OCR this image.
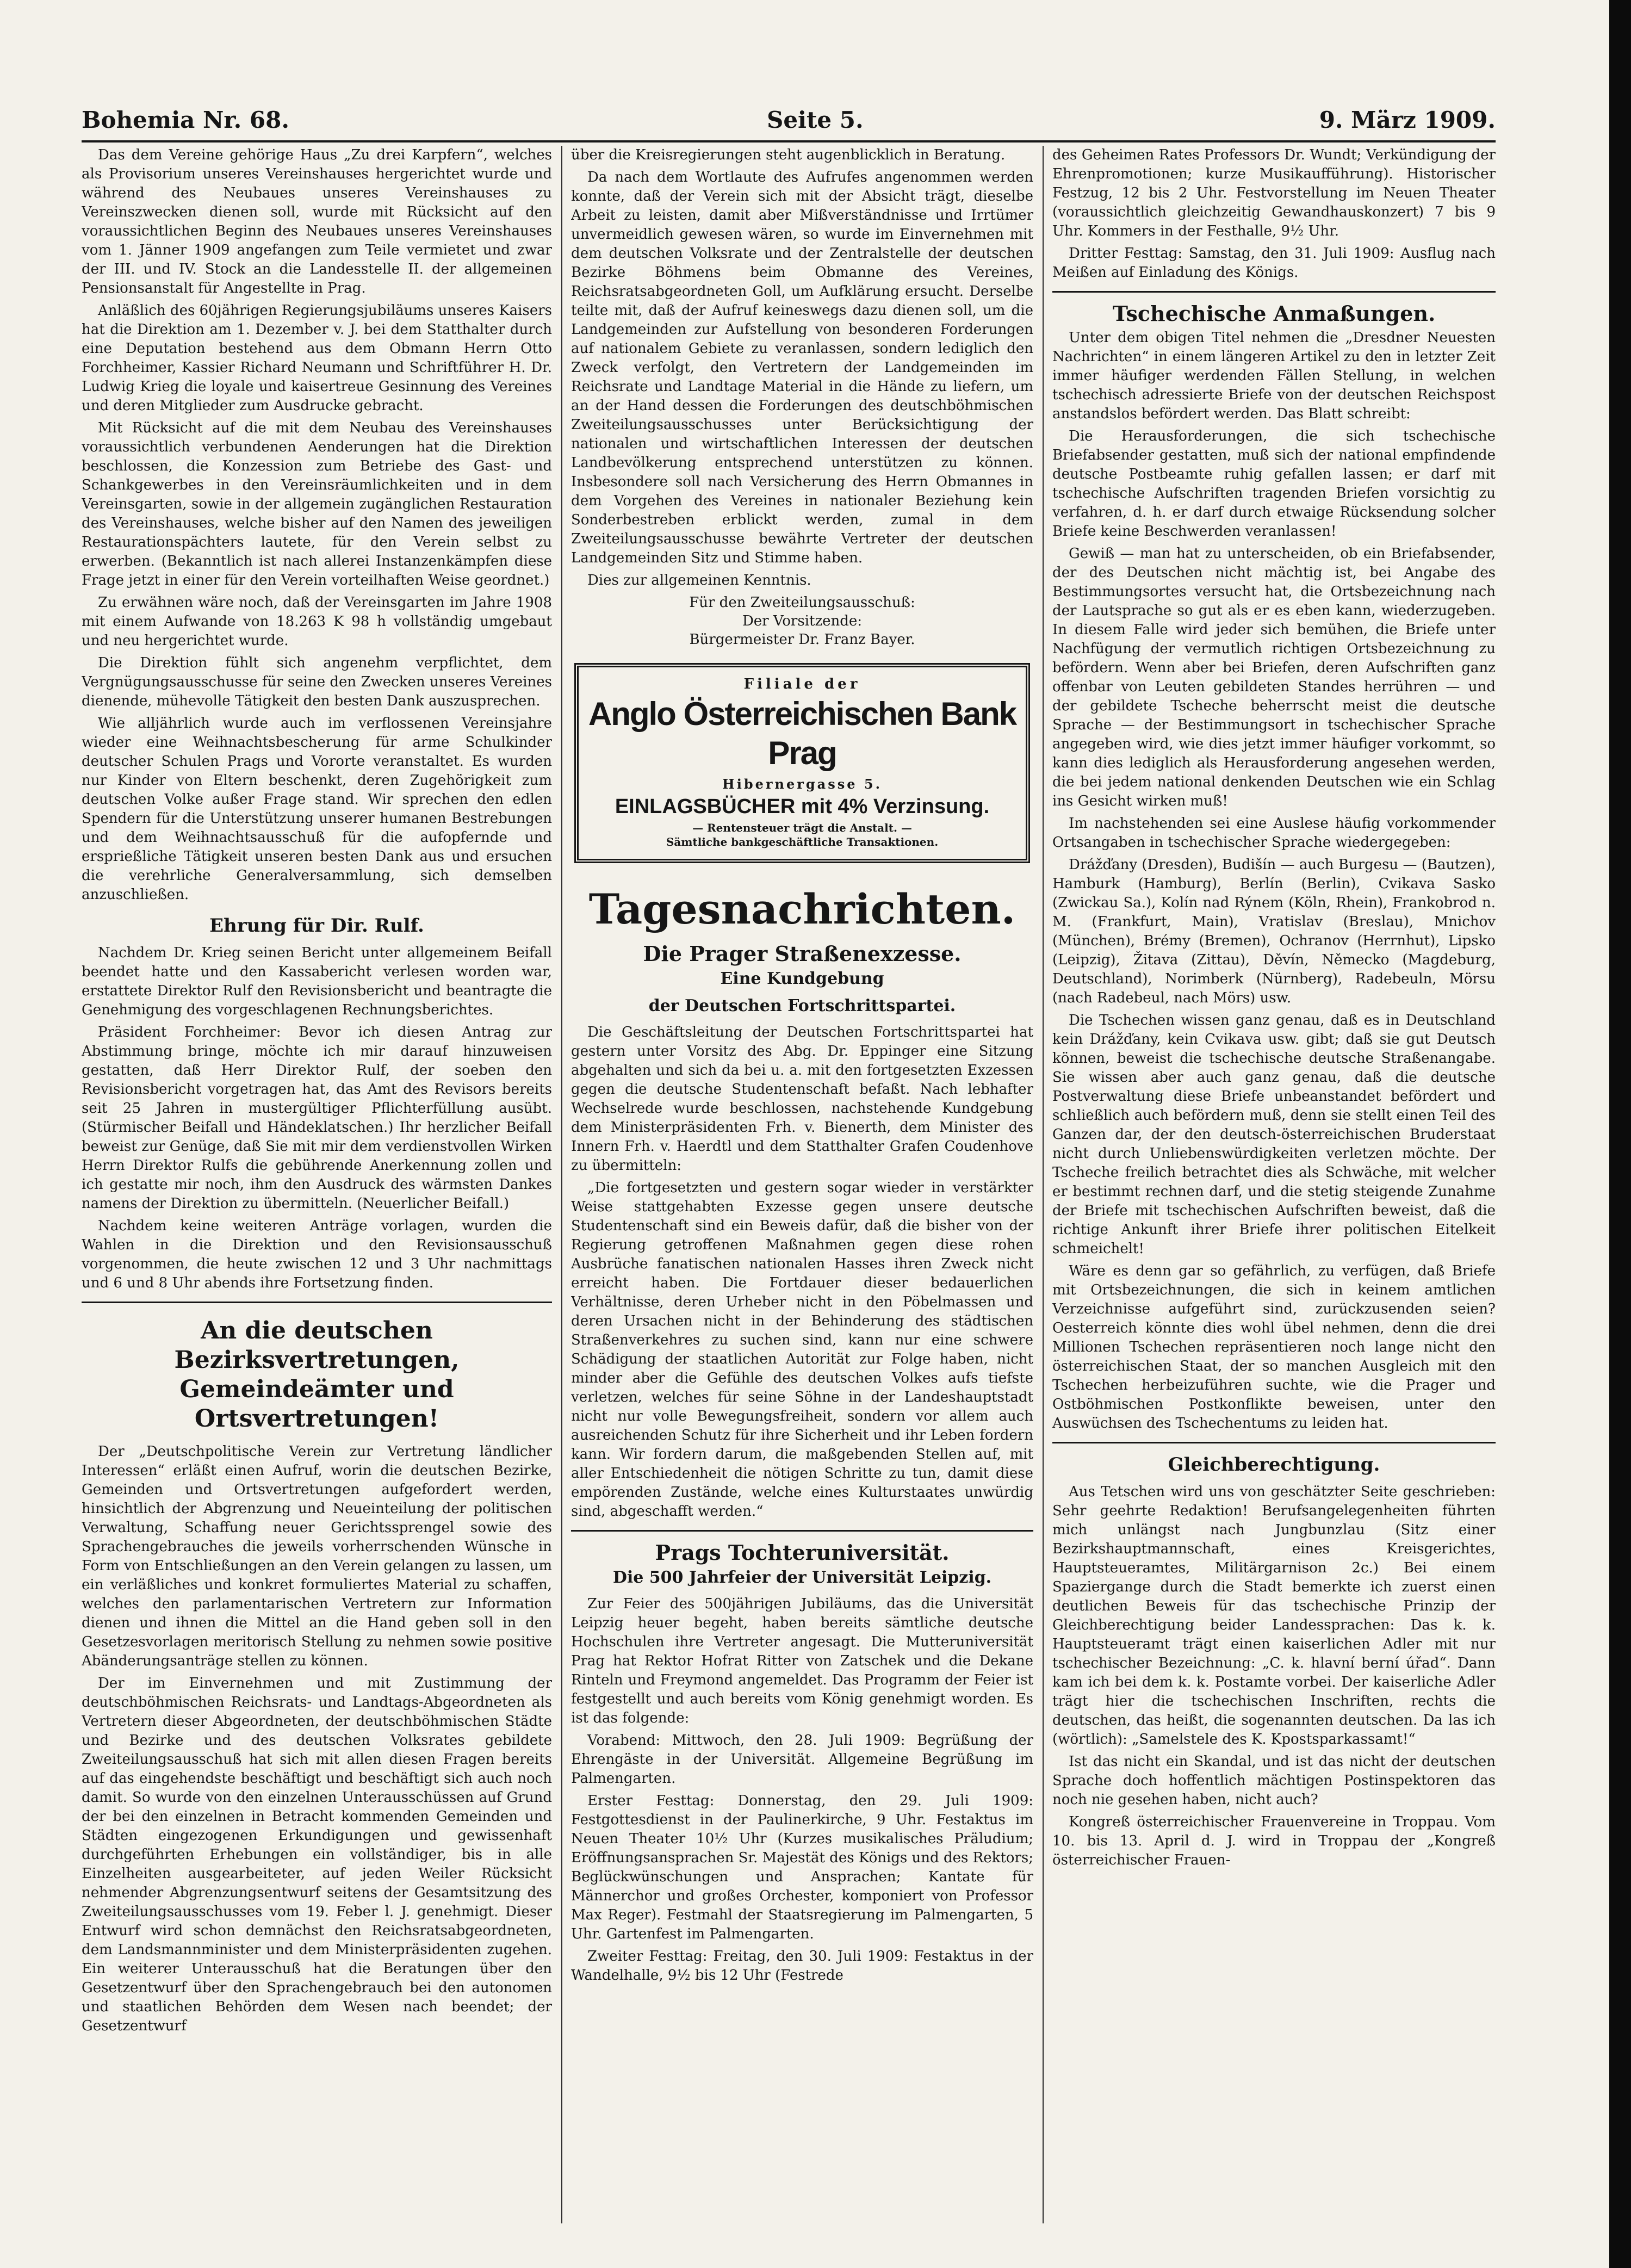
Bohemia Nr. 68.	Seite 5.	9. März 1909.

Das dem Vereine gehörige Haus „Zu drei Karpfern“, welches als Provisorium unseres Vereinshauses hergerichtet wurde und während des Neubaues unseres Vereinshauses zu Vereinszwecken dienen soll, wurde mit Rücksicht auf den voraussichtlichen Beginn des Neubaues unseres Vereinshauses vom 1. Jänner 1909 angefangen zum Teile vermietet und zwar der III. und IV. Stock an die Landesstelle II. der allgemeinen Pensionsanstalt für Angestellte in Prag.

Anläßlich des 60jährigen Regierungsjubiläums unseres Kaisers hat die Direktion am 1. Dezember v. J. bei dem Statthalter durch eine Deputation bestehend aus dem Obmann Herrn Otto Forchheimer, Kassier Richard Neumann und Schriftführer H. Dr. Ludwig Krieg die loyale und kaisertreue Gesinnung des Vereines und deren Mitglieder zum Ausdrucke gebracht.

Mit Rücksicht auf die mit dem Neubau des Vereinshauses voraussichtlich verbundenen Aenderungen hat die Direktion beschlossen, die Konzession zum Betriebe des Gast- und Schankgewerbes in den Vereinsräumlichkeiten und in dem Vereinsgarten, sowie in der allgemein zugänglichen Restauration des Vereinshauses, welche bisher auf den Namen des jeweiligen Restaurationspächters lautete, für den Verein selbst zu erwerben. (Bekanntlich ist nach allerei Instanzenkämpfen diese Frage jetzt in einer für den Verein vorteilhaften Weise geordnet.)

Zu erwähnen wäre noch, daß der Vereinsgarten im Jahre 1908 mit einem Aufwande von 18.263 K 98 h vollständig umgebaut und neu hergerichtet wurde.

Die Direktion fühlt sich angenehm verpflichtet, dem Vergnügungsausschusse für seine den Zwecken unseres Vereines dienende, mühevolle Tätigkeit den besten Dank auszusprechen.

Wie alljährlich wurde auch im verflossenen Vereinsjahre wieder eine Weihnachtsbescherung für arme Schulkinder deutscher Schulen Prags und Vororte veranstaltet. Es wurden nur Kinder von Eltern beschenkt, deren Zugehörigkeit zum deutschen Volke außer Frage stand. Wir sprechen den edlen Spendern für die Unterstützung unserer humanen Bestrebungen und dem Weihnachtsausschuß für die aufopfernde und ersprießliche Tätigkeit unseren besten Dank aus und ersuchen die verehrliche Generalversammlung, sich demselben anzuschließen.

Ehrung für Dir. Rulf.

Nachdem Dr. Krieg seinen Bericht unter allgemeinem Beifall beendet hatte und den Kassabericht verlesen worden war, erstattete Direktor Rulf den Revisionsbericht und beantragte die Genehmigung des vorgeschlagenen Rechnungsberichtes.

Präsident Forchheimer: Bevor ich diesen Antrag zur Abstimmung bringe, möchte ich mir darauf hinzuweisen gestatten, daß Herr Direktor Rulf, der soeben den Revisionsbericht vorgetragen hat, das Amt des Revisors bereits seit 25 Jahren in mustergültiger Pflichterfüllung ausübt. (Stürmischer Beifall und Händeklatschen.) Ihr herzlicher Beifall beweist zur Genüge, daß Sie mit mir dem verdienstvollen Wirken Herrn Direktor Rulfs die gebührende Anerkennung zollen und ich gestatte mir noch, ihm den Ausdruck des wärmsten Dankes namens der Direktion zu übermitteln. (Neuerlicher Beifall.)

Nachdem keine weiteren Anträge vorlagen, wurden die Wahlen in die Direktion und den Revisionsausschuß vorgenommen, die heute zwischen 12 und 3 Uhr nachmittags und 6 und 8 Uhr abends ihre Fortsetzung finden.

An die deutschen Bezirksvertretungen, Gemeindeämter und Ortsvertretungen!

Der „Deutschpolitische Verein zur Vertretung ländlicher Interessen“ erläßt einen Aufruf, worin die deutschen Bezirke, Gemeinden und Ortsvertretungen aufgefordert werden, hinsichtlich der Abgrenzung und Neueinteilung der politischen Verwaltung, Schaffung neuer Gerichtssprengel sowie des Sprachengebrauches die jeweils vorherrschenden Wünsche in Form von Entschließungen an den Verein gelangen zu lassen, um ein verläßliches und konkret formuliertes Material zu schaffen, welches den parlamentarischen Vertretern zur Information dienen und ihnen die Mittel an die Hand geben soll in den Gesetzesvorlagen meritorisch Stellung zu nehmen sowie positive Abänderungsanträge stellen zu können.

Der im Einvernehmen und mit Zustimmung der deutschböhmischen Reichsrats- und Landtags-Abgeordneten als Vertretern dieser Abgeordneten, der deutschböhmischen Städte und Bezirke und des deutschen Volksrates gebildete Zweiteilungsausschuß hat sich mit allen diesen Fragen bereits auf das eingehendste beschäftigt und beschäftigt sich auch noch damit. So wurde von den einzelnen Unterausschüssen auf Grund der bei den einzelnen in Betracht kommenden Gemeinden und Städten eingezogenen Erkundigungen und gewissenhaft durchgeführten Erhebungen ein vollständiger, bis in alle Einzelheiten ausgearbeiteter, auf jeden Weiler Rücksicht nehmender Abgrenzungsentwurf seitens der Gesamtsitzung des Zweiteilungsausschusses vom 19. Feber l. J. genehmigt. Dieser Entwurf wird schon demnächst den Reichsratsabgeordneten, dem Landsmannminister und dem Ministerpräsidenten zugehen. Ein weiterer Unterausschuß hat die Beratungen über den Gesetzentwurf über den Sprachengebrauch bei den autonomen und staatlichen Behörden dem Wesen nach beendet; der Gesetzentwurf

über die Kreisregierungen steht augenblicklich in Beratung.

Da nach dem Wortlaute des Aufrufes angenommen werden konnte, daß der Verein sich mit der Absicht trägt, dieselbe Arbeit zu leisten, damit aber Mißverständnisse und Irrtümer unvermeidlich gewesen wären, so wurde im Einvernehmen mit dem deutschen Volksrate und der Zentralstelle der deutschen Bezirke Böhmens beim Obmanne des Vereines, Reichsratsabgeordneten Goll, um Aufklärung ersucht. Derselbe teilte mit, daß der Aufruf keineswegs dazu dienen soll, um die Landgemeinden zur Aufstellung von besonderen Forderungen auf nationalem Gebiete zu veranlassen, sondern lediglich den Zweck verfolgt, den Vertretern der Landgemeinden im Reichsrate und Landtage Material in die Hände zu liefern, um an der Hand dessen die Forderungen des deutschböhmischen Zweiteilungsausschusses unter Berücksichtigung der nationalen und wirtschaftlichen Interessen der deutschen Landbevölkerung entsprechend unterstützen zu können. Insbesondere soll nach Versicherung des Herrn Obmannes in dem Vorgehen des Vereines in nationaler Beziehung kein Sonderbestreben erblickt werden, zumal in dem Zweiteilungsausschusse bewährte Vertreter der deutschen Landgemeinden Sitz und Stimme haben.

Dies zur allgemeinen Kenntnis.

Für den Zweiteilungsausschuß:

Der Vorsitzende:

Bürgermeister Dr. Franz Bayer.

Filiale der
Anglo Österreichischen Bank Prag
Hibernergasse 5.
EINLAGSBÜCHER mit 4% Verzinsung.
— Rentensteuer trägt die Anstalt. —
Sämtliche bankgeschäftliche Transaktionen.
Tagesnachrichten.
Die Prager Straßenexzesse.
Eine Kundgebung
der Deutschen Fortschrittspartei.

Die Geschäftsleitung der Deutschen Fortschrittspartei hat gestern unter Vorsitz des Abg. Dr. Eppinger eine Sitzung abgehalten und sich da bei u. a. mit den fortgesetzten Exzessen gegen die deutsche Studentenschaft befaßt. Nach lebhafter Wechselrede wurde beschlossen, nachstehende Kundgebung dem Ministerpräsidenten Frh. v. Bienerth, dem Minister des Innern Frh. v. Haerdtl und dem Statthalter Grafen Coudenhove zu übermitteln:

„Die fortgesetzten und gestern sogar wieder in verstärkter Weise stattgehabten Exzesse gegen unsere deutsche Studentenschaft sind ein Beweis dafür, daß die bisher von der Regierung getroffenen Maßnahmen gegen diese rohen Ausbrüche fanatischen nationalen Hasses ihren Zweck nicht erreicht haben. Die Fortdauer dieser bedauerlichen Verhältnisse, deren Urheber nicht in den Pöbelmassen und deren Ursachen nicht in der Behinderung des städtischen Straßenverkehres zu suchen sind, kann nur eine schwere Schädigung der staatlichen Autorität zur Folge haben, nicht minder aber die Gefühle des deutschen Volkes aufs tiefste verletzen, welches für seine Söhne in der Landeshauptstadt nicht nur volle Bewegungsfreiheit, sondern vor allem auch ausreichenden Schutz für ihre Sicherheit und ihr Leben fordern kann. Wir fordern darum, die maßgebenden Stellen auf, mit aller Entschiedenheit die nötigen Schritte zu tun, damit diese empörenden Zustände, welche eines Kulturstaates unwürdig sind, abgeschafft werden.“

Prags Tochteruniversität.
Die 500 Jahrfeier der Universität Leipzig.

Zur Feier des 500jährigen Jubiläums, das die Universität Leipzig heuer begeht, haben bereits sämtliche deutsche Hochschulen ihre Vertreter angesagt. Die Mutteruniversität Prag hat Rektor Hofrat Ritter von Zatschek und die Dekane Rinteln und Freymond angemeldet. Das Programm der Feier ist festgestellt und auch bereits vom König genehmigt worden. Es ist das folgende:

Vorabend: Mittwoch, den 28. Juli 1909: Begrüßung der Ehrengäste in der Universität. Allgemeine Begrüßung im Palmengarten.

Erster Festtag: Donnerstag, den 29. Juli 1909: Festgottesdienst in der Paulinerkirche, 9 Uhr. Festaktus im Neuen Theater 10½ Uhr (Kurzes musikalisches Präludium; Eröffnungsansprachen Sr. Majestät des Königs und des Rektors; Beglückwünschungen und Ansprachen; Kantate für Männerchor und großes Orchester, komponiert von Professor Max Reger). Festmahl der Staatsregierung im Palmengarten, 5 Uhr. Gartenfest im Palmengarten.

Zweiter Festtag: Freitag, den 30. Juli 1909: Festaktus in der Wandelhalle, 9½ bis 12 Uhr (Festrede

des Geheimen Rates Professors Dr. Wundt; Verkündigung der Ehrenpromotionen; kurze Musikaufführung). Historischer Festzug, 12 bis 2 Uhr. Festvorstellung im Neuen Theater (voraussichtlich gleichzeitig Gewandhauskonzert) 7 bis 9 Uhr. Kommers in der Festhalle, 9½ Uhr.

Dritter Festtag: Samstag, den 31. Juli 1909: Ausflug nach Meißen auf Einladung des Königs.

Tschechische Anmaßungen.

Unter dem obigen Titel nehmen die „Dresdner Neuesten Nachrichten“ in einem längeren Artikel zu den in letzter Zeit immer häufiger werdenden Fällen Stellung, in welchen tschechisch adressierte Briefe von der deutschen Reichspost anstandslos befördert werden. Das Blatt schreibt:

Die Herausforderungen, die sich tschechische Briefabsender gestatten, muß sich der national empfindende deutsche Postbeamte ruhig gefallen lassen; er darf mit tschechische Aufschriften tragenden Briefen vorsichtig zu verfahren, d. h. er darf durch etwaige Rücksendung solcher Briefe keine Beschwerden veranlassen!

Gewiß — man hat zu unterscheiden, ob ein Briefabsender, der des Deutschen nicht mächtig ist, bei Angabe des Bestimmungsortes versucht hat, die Ortsbezeichnung nach der Lautsprache so gut als er es eben kann, wiederzugeben. In diesem Falle wird jeder sich bemühen, die Briefe unter Nachfügung der vermutlich richtigen Ortsbezeichnung zu befördern. Wenn aber bei Briefen, deren Aufschriften ganz offenbar von Leuten gebildeten Standes herrühren — und der gebildete Tscheche beherrscht meist die deutsche Sprache — der Bestimmungsort in tschechischer Sprache angegeben wird, wie dies jetzt immer häufiger vorkommt, so kann dies lediglich als Herausforderung angesehen werden, die bei jedem national denkenden Deutschen wie ein Schlag ins Gesicht wirken muß!

Im nachstehenden sei eine Auslese häufig vorkommender Ortsangaben in tschechischer Sprache wiedergegeben:

Drážďany (Dresden), Budišín — auch Burgesu — (Bautzen), Hamburk (Hamburg), Berlín (Berlin), Cvikava Sasko (Zwickau Sa.), Kolín nad Rýnem (Köln, Rhein), Frankobrod n. M. (Frankfurt, Main), Vratislav (Breslau), Mnichov (München), Brémy (Bremen), Ochranov (Herrnhut), Lipsko (Leipzig), Žitava (Zittau), Děvín, Německo (Magdeburg, Deutschland), Norimberk (Nürnberg), Radebeuln, Mörsu (nach Radebeul, nach Mörs) usw.

Die Tschechen wissen ganz genau, daß es in Deutschland kein Drážďany, kein Cvikava usw. gibt; daß sie gut Deutsch können, beweist die tschechische deutsche Straßenangabe. Sie wissen aber auch ganz genau, daß die deutsche Postverwaltung diese Briefe unbeanstandet befördert und schließlich auch befördern muß, denn sie stellt einen Teil des Ganzen dar, der den deutsch-österreichischen Bruderstaat nicht durch Unliebenswürdigkeiten verletzen möchte. Der Tscheche freilich betrachtet dies als Schwäche, mit welcher er bestimmt rechnen darf, und die stetig steigende Zunahme der Briefe mit tschechischen Aufschriften beweist, daß die richtige Ankunft ihrer Briefe ihrer politischen Eitelkeit schmeichelt!

Wäre es denn gar so gefährlich, zu verfügen, daß Briefe mit Ortsbezeichnungen, die sich in keinem amtlichen Verzeichnisse aufgeführt sind, zurückzusenden seien? Oesterreich könnte dies wohl übel nehmen, denn die drei Millionen Tschechen repräsentieren noch lange nicht den österreichischen Staat, der so manchen Ausgleich mit den Tschechen herbeizuführen suchte, wie die Prager und Ostböhmischen Postkonflikte beweisen, unter den Auswüchsen des Tschechentums zu leiden hat.

Gleichberechtigung.

Aus Tetschen wird uns von geschätzter Seite geschrieben: Sehr geehrte Redaktion! Berufsangelegenheiten führten mich unlängst nach Jungbunzlau (Sitz einer Bezirkshauptmannschaft, eines Kreisgerichtes, Hauptsteueramtes, Militärgarnison 2c.) Bei einem Spaziergange durch die Stadt bemerkte ich zuerst einen deutlichen Beweis für das tschechische Prinzip der Gleichberechtigung beider Landessprachen: Das k. k. Hauptsteueramt trägt einen kaiserlichen Adler mit nur tschechischer Bezeichnung: „C. k. hlavní berní úřad“. Dann kam ich bei dem k. k. Postamte vorbei. Der kaiserliche Adler trägt hier die tschechischen Inschriften, rechts die deutschen, das heißt, die sogenannten deutschen. Da las ich (wörtlich): „Samelstele des K. Kpostsparkassamt!“

Ist das nicht ein Skandal, und ist das nicht der deutschen Sprache doch hoffentlich mächtigen Postinspektoren das noch nie gesehen haben, nicht auch?

Kongreß österreichischer Frauenvereine in Troppau. Vom 10. bis 13. April d. J. wird in Troppau der „Kongreß österreichischer Frauen-
